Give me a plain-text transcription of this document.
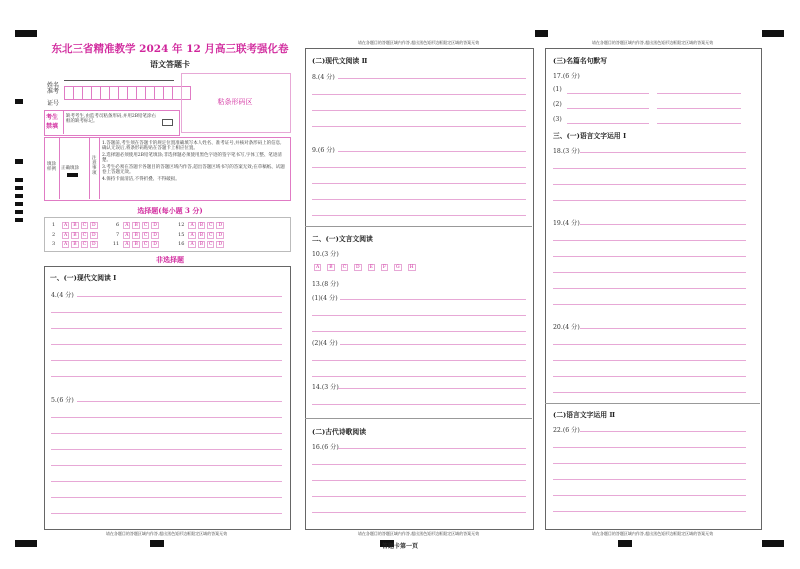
东北三省精准教学 2024 年 12 月高三联考强化卷
语文答题卡
姓名
准考
证号	粘条形码区
考生
禁填
缺考考生,由监考员粘条形码,并用2B铅笔涂右框的缺考标记。
填涂样例 正确填涂
注意事项
1.答题前,考生须在答题卡的规定位置准确填写本人姓名、准考证号,并核对条形码上的信息,确认无误后,将条形码粘贴在答题卡上相应位置。
2.选择题必须使用2B铅笔填涂;非选择题必须使用黑色字迹的签字笔书写,字体工整、笔迹清楚。
3.考生必须在答题卡各题目的答题区域内作答,超出答题区域书写的答案无效;在草稿纸、试题卷上答题无效。
4.保持卡面清洁,不得折叠、不得破损。
选择题(每小题 3 分)
1 A B C D	6 A B C D	12 A B C D
2 A B C D	7 A B C D	15 A B C D
3 A B C D	11 A B C D	16 A B C D
非选择题
一、(一)现代文阅读 Ⅰ
4.(4 分)
5.(6 分)
请在各题目的答题区域内作答,超出黑色矩形边框限定区域的答案无效
请在各题目的答题区域内作答,超出黑色矩形边框限定区域的答案无效
(二)现代文阅读 Ⅱ
8.(4 分)
9.(6 分)
二、(一)文言文阅读
10.(3 分)
A B C D E F G H
13.(8 分)
(1)(4 分)
(2)(4 分)
14.(3 分)
(二)古代诗歌阅读
16.(6 分)
请在各题目的答题区域内作答,超出黑色矩形边框限定区域的答案无效
答题卡第一页
请在各题目的答题区域内作答,超出黑色矩形边框限定区域的答案无效
(三)名篇名句默写
17.(6 分)
(1)
(2)
(3)
三、(一)语言文字运用 Ⅰ
18.(3 分)
19.(4 分)
20.(4 分)
(二)语言文字运用 Ⅱ
22.(6 分)
请在各题目的答题区域内作答,超出黑色矩形边框限定区域的答案无效
